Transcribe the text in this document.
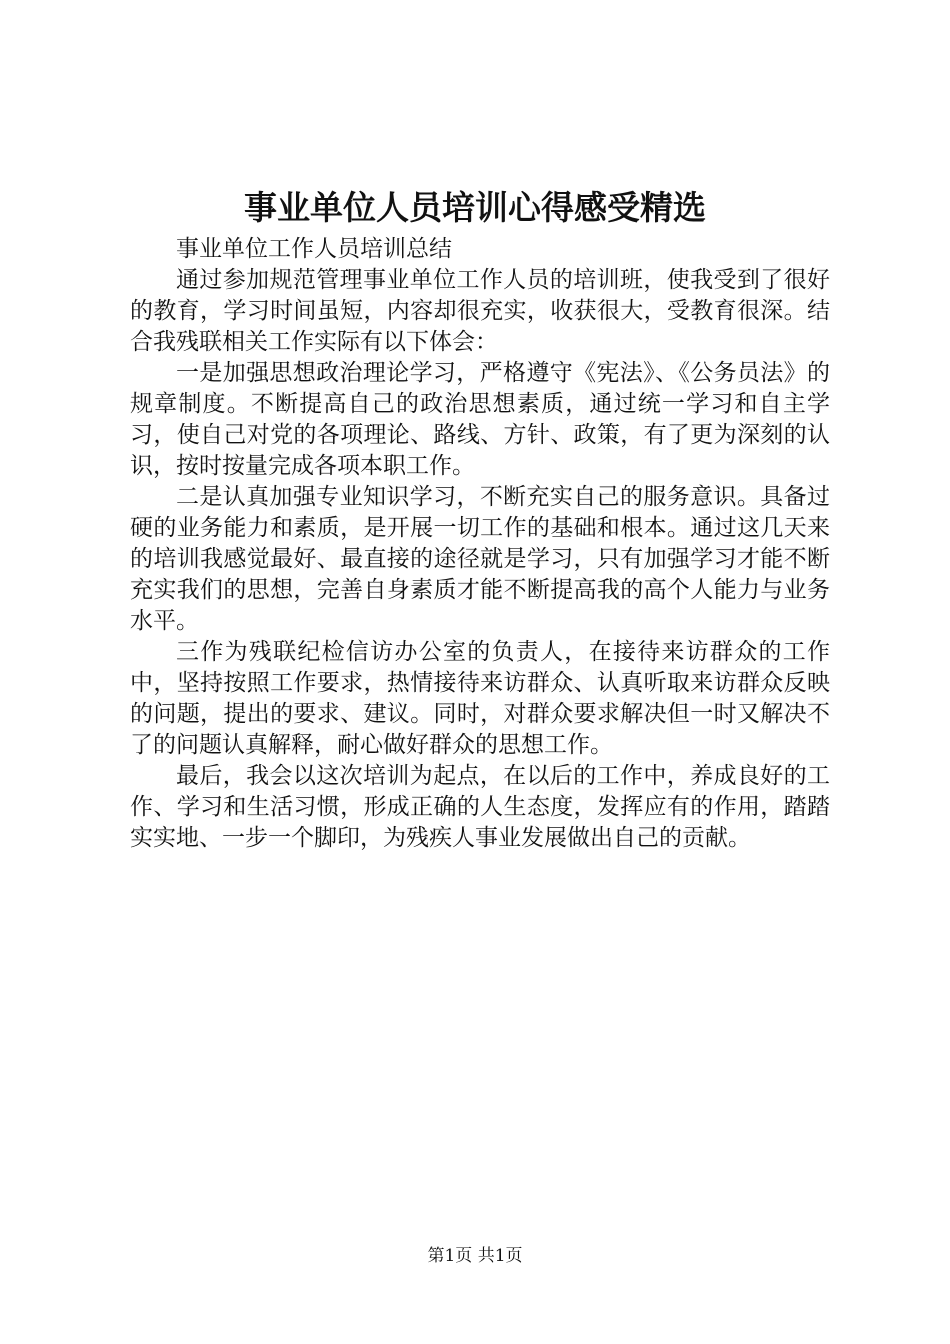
事业单位人员培训心得感受精选

事业单位工作人员培训总结

通过参加规范管理事业单位工作人员的培训班，使我受到了很好的教育，学习时间虽短，内容却很充实，收获很大，受教育很深。结合我残联相关工作实际有以下体会：

一是加强思想政治理论学习，严格遵守《宪法》、《公务员法》的规章制度。不断提高自己的政治思想素质，通过统一学习和自主学习，使自己对党的各项理论、路线、方针、政策，有了更为深刻的认识，按时按量完成各项本职工作。

二是认真加强专业知识学习，不断充实自己的服务意识。具备过硬的业务能力和素质，是开展一切工作的基础和根本。通过这几天来的培训我感觉最好、最直接的途径就是学习，只有加强学习才能不断充实我们的思想，完善自身素质才能不断提高我的高个人能力与业务水平。

三作为残联纪检信访办公室的负责人，在接待来访群众的工作中，坚持按照工作要求，热情接待来访群众、认真听取来访群众反映的问题，提出的要求、建议。同时，对群众要求解决但一时又解决不了的问题认真解释，耐心做好群众的思想工作。

最后，我会以这次培训为起点，在以后的工作中，养成良好的工作、学习和生活习惯，形成正确的人生态度，发挥应有的作用，踏踏实实地、一步一个脚印，为残疾人事业发展做出自己的贡献。

第1页 共1页
